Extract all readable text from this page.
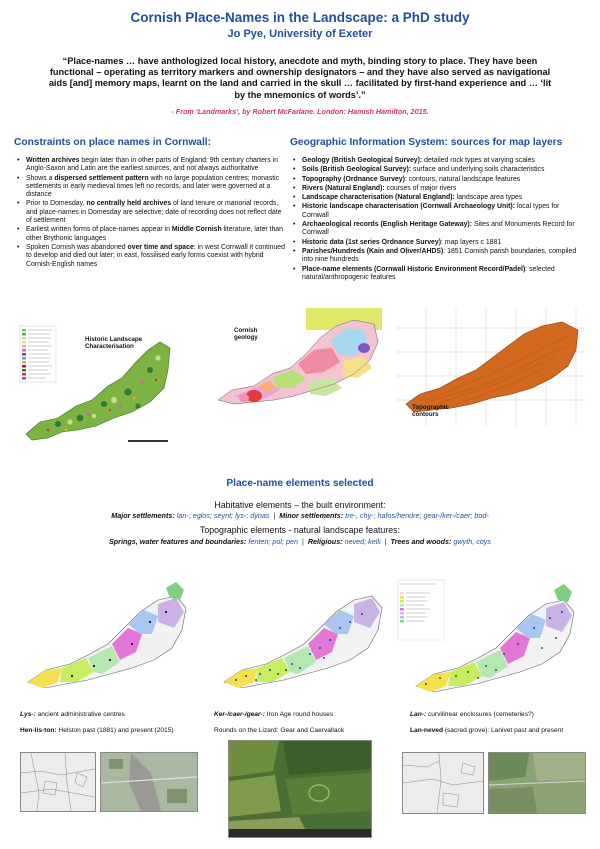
Cornish Place-Names in the Landscape: a PhD study
Jo Pye, University of Exeter
“Place-names … have anthologized local history, anecdote and myth, binding story to place. They have been functional – operating as territory markers and ownership designators – and they have also served as navigational aids [and] memory maps, learnt on the land and carried in the skull … facilitated by first-hand experience and … ‘lit by the mnemonics of words’.”
- From ‘Landmarks’, by Robert McFarlane. London: Hamish Hamilton, 2015.
Constraints on place names in Cornwall:
• Written archives begin later than in other parts of England: 9th century charters in Anglo-Saxon and Latin are the earliest sources, and not always authoritative
• Shows a dispersed settlement pattern with no large population centres; monastic settlements in early medieval times left no records, and later were governed at a distance
• Prior to Domesday, no centrally held archives of land tenure or manorial records, and place-names in Domesday are selective; date of recording does not reflect date of settlement
• Earliest written forms of place-names appear in Middle Cornish literature, later than other Brythonic languages
• Spoken Cornish was abandoned over time and space: in west Cornwall it continued to develop and died out later; in east, fossilised early forms coexist with hybrid Cornish-English names
Geographic Information System: sources for map layers
• Geology (British Geological Survey): detailed rock types at varying scales
• Soils (British Geological Survey): surface and underlying soils characteristics
• Topography (Ordnance Survey): contours, natural landscape features
• Rivers (Natural England): courses of major rivers
• Landscape characterisation (Natural England): landscape area types
• Historic landscape characterisation (Cornwall Archaeology Unit): local types for Cornwall
• Archaeological records (English Heritage Gateway): Sites and Monuments Record for Cornwall
• Historic data (1st series Ordnance Survey): map layers c 1881
• Parishes/Hundreds (Kain and Oliver/AHDS): 1851 Cornish parish boundaries, compiled into nine hundreds
• Place-name elements (Cornwall Historic Environment Record/Padel): selected natural/anthropogenic features
Historic Landscape Characterisation
Cornish geology
Topographic contours
Place-name elements selected
Habitative elements – the built environment:
Major settlements: lan-; eglos; seynt; lys-; dynas  |  Minor settlements: tre-, chy-; hafos/hendre; gear-/ker-/caer; bod-
Topographic elements - natural landscape features:
Springs, water features and boundaries: fenten; pol; pen  |  Religious: neved; kelli  |  Trees and woods: gwyth, coys
Lys-: ancient administrative centres
Hen-lis-ton: Helston past (1881) and present (2015)
Ker-/caer-/gear-: Iron Age round houses
Rounds on the Lizard: Gear and Caervallack
Lan-: curvilinear enclosures (cemeteries?)
Lan-neved (sacred grove): Lanivet past and present
